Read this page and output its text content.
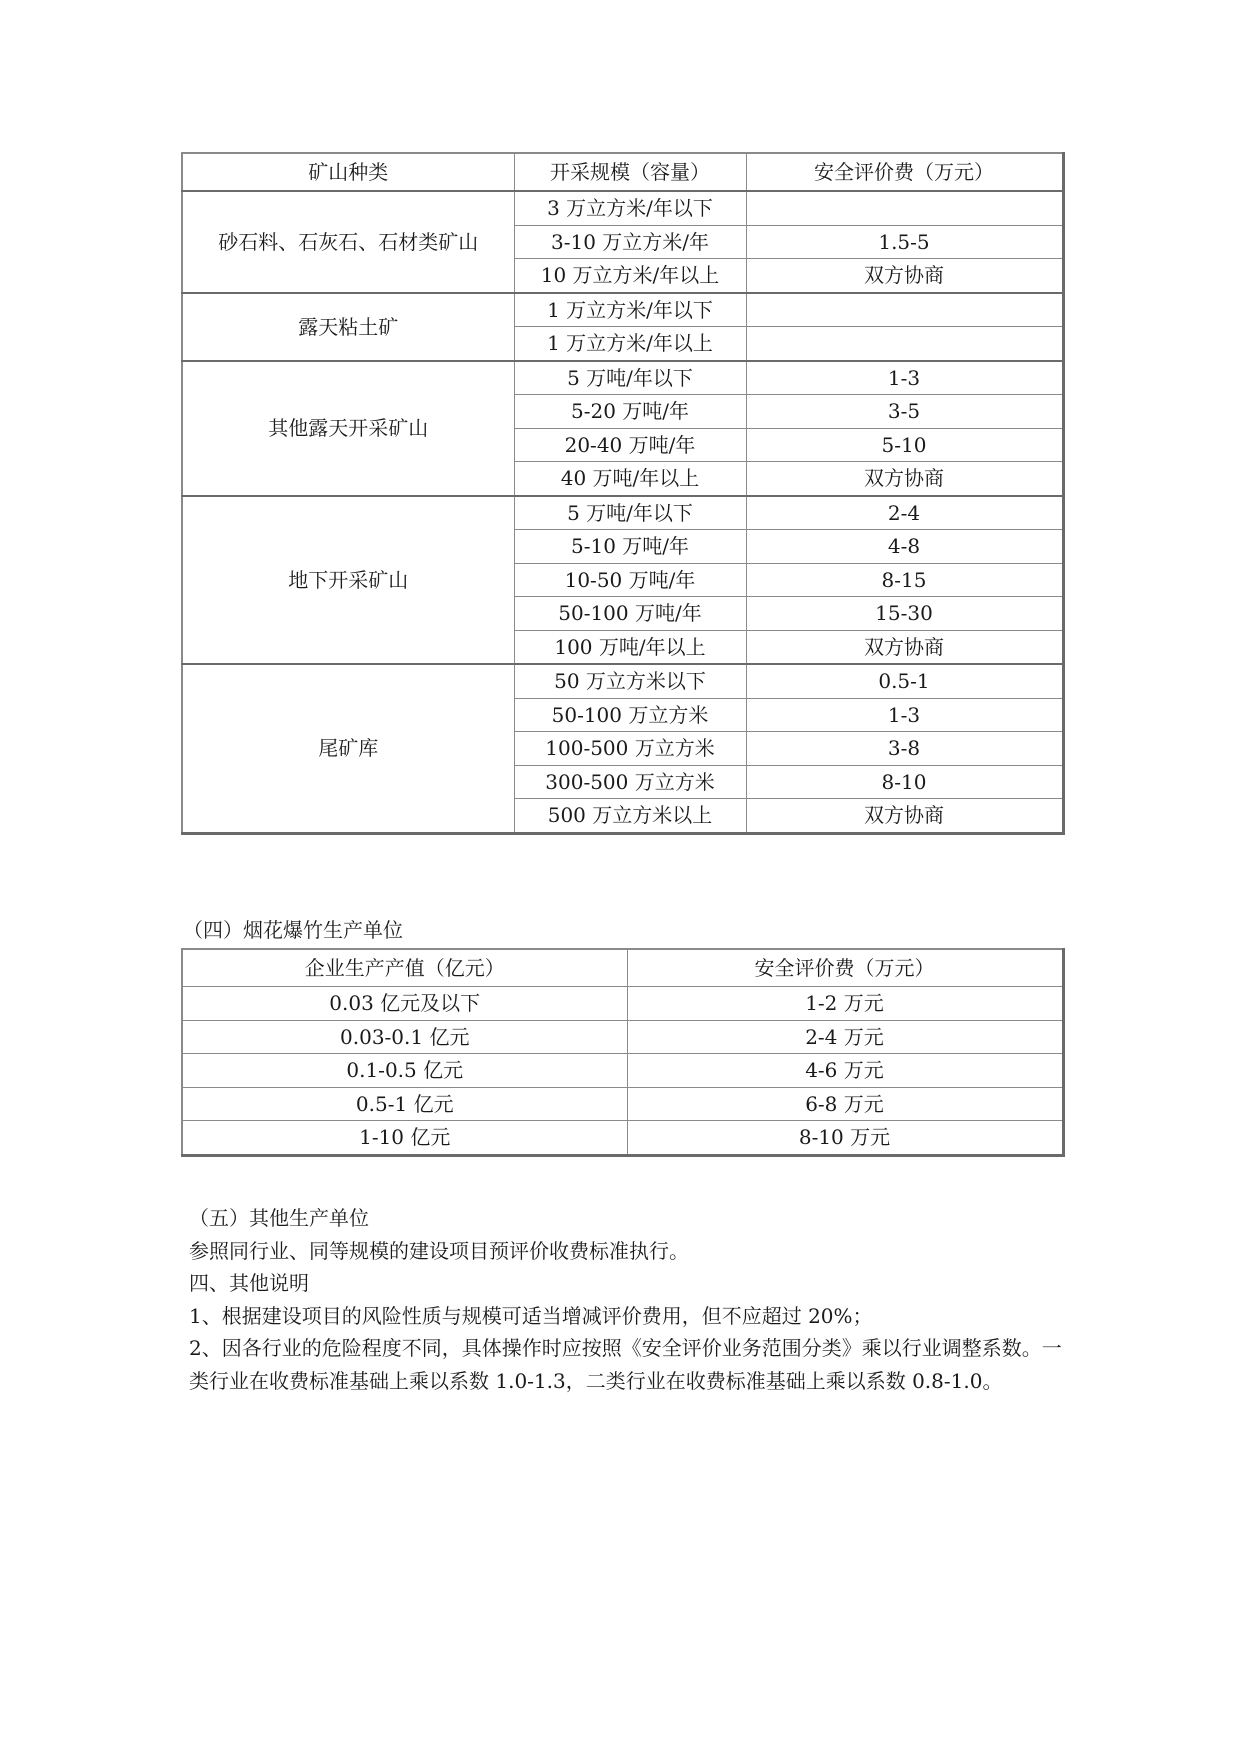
矿山种类	开采规模（容量）	安全评价费（万元）
砂石料、石灰石、石材类矿山	3 万立方米/年以下	
	3-10 万立方米/年	1.5-5
	10 万立方米/年以上	双方协商
露天粘土矿	1 万立方米/年以下	
	1 万立方米/年以上	
其他露天开采矿山	5 万吨/年以下	1-3
	5-20 万吨/年	3-5
	20-40 万吨/年	5-10
	40 万吨/年以上	双方协商
地下开采矿山	5 万吨/年以下	2-4
	5-10 万吨/年	4-8
	10-50 万吨/年	8-15
	50-100 万吨/年	15-30
	100 万吨/年以上	双方协商
尾矿库	50 万立方米以下	0.5-1
	50-100 万立方米	1-3
	100-500 万立方米	3-8
	300-500 万立方米	8-10
	500 万立方米以上	双方协商
（四）烟花爆竹生产单位
企业生产产值（亿元）	安全评价费（万元）
0.03 亿元及以下	1-2 万元
0.03-0.1 亿元	2-4 万元
0.1-0.5 亿元	4-6 万元
0.5-1 亿元	6-8 万元
1-10 亿元	8-10 万元

（五）其他生产单位

参照同行业、同等规模的建设项目预评价收费标准执行。

四、其他说明

1、根据建设项目的风险性质与规模可适当增减评价费用，但不应超过 20%；

2、因各行业的危险程度不同，具体操作时应按照《安全评价业务范围分类》乘以行业调整系数。一类行业在收费标准基础上乘以系数 1.0-1.3，二类行业在收费标准基础上乘以系数 0.8-1.0。
